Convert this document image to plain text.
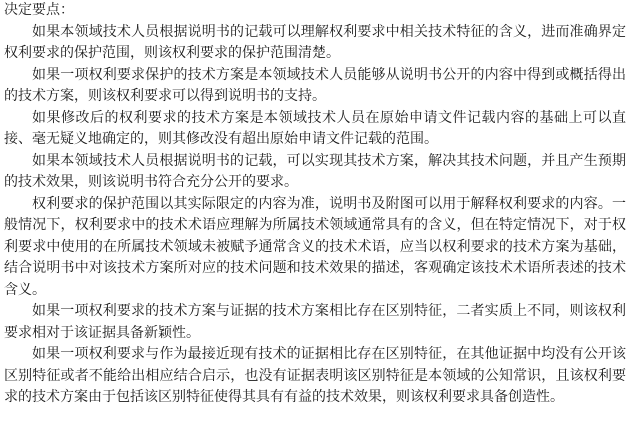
决定要点：

如果本领域技术人员根据说明书的记载可以理解权利要求中相关技术特征的含义，进而准确界定权利要求的保护范围，则该权利要求的保护范围清楚。

如果一项权利要求保护的技术方案是本领域技术人员能够从说明书公开的内容中得到或概括得出的技术方案，则该权利要求可以得到说明书的支持。

如果修改后的权利要求的技术方案是本领域技术人员在原始申请文件记载内容的基础上可以直接、毫无疑义地确定的，则其修改没有超出原始申请文件记载的范围。

如果本领域技术人员根据说明书的记载，可以实现其技术方案，解决其技术问题，并且产生预期的技术效果，则该说明书符合充分公开的要求。

权利要求的保护范围以其实际限定的内容为准，说明书及附图可以用于解释权利要求的内容。一般情况下，权利要求中的技术术语应理解为所属技术领域通常具有的含义，但在特定情况下，对于权利要求中使用的在所属技术领域未被赋予通常含义的技术术语，应当以权利要求的技术方案为基础，结合说明书中对该技术方案所对应的技术问题和技术效果的描述，客观确定该技术术语所表述的技术含义。

如果一项权利要求的技术方案与证据的技术方案相比存在区别特征，二者实质上不同，则该权利要求相对于该证据具备新颖性。

如果一项权利要求与作为最接近现有技术的证据相比存在区别特征，在其他证据中均没有公开该区别特征或者不能给出相应结合启示，也没有证据表明该区别特征是本领域的公知常识，且该权利要求的技术方案由于包括该区别特征使得其具有有益的技术效果，则该权利要求具备创造性。
